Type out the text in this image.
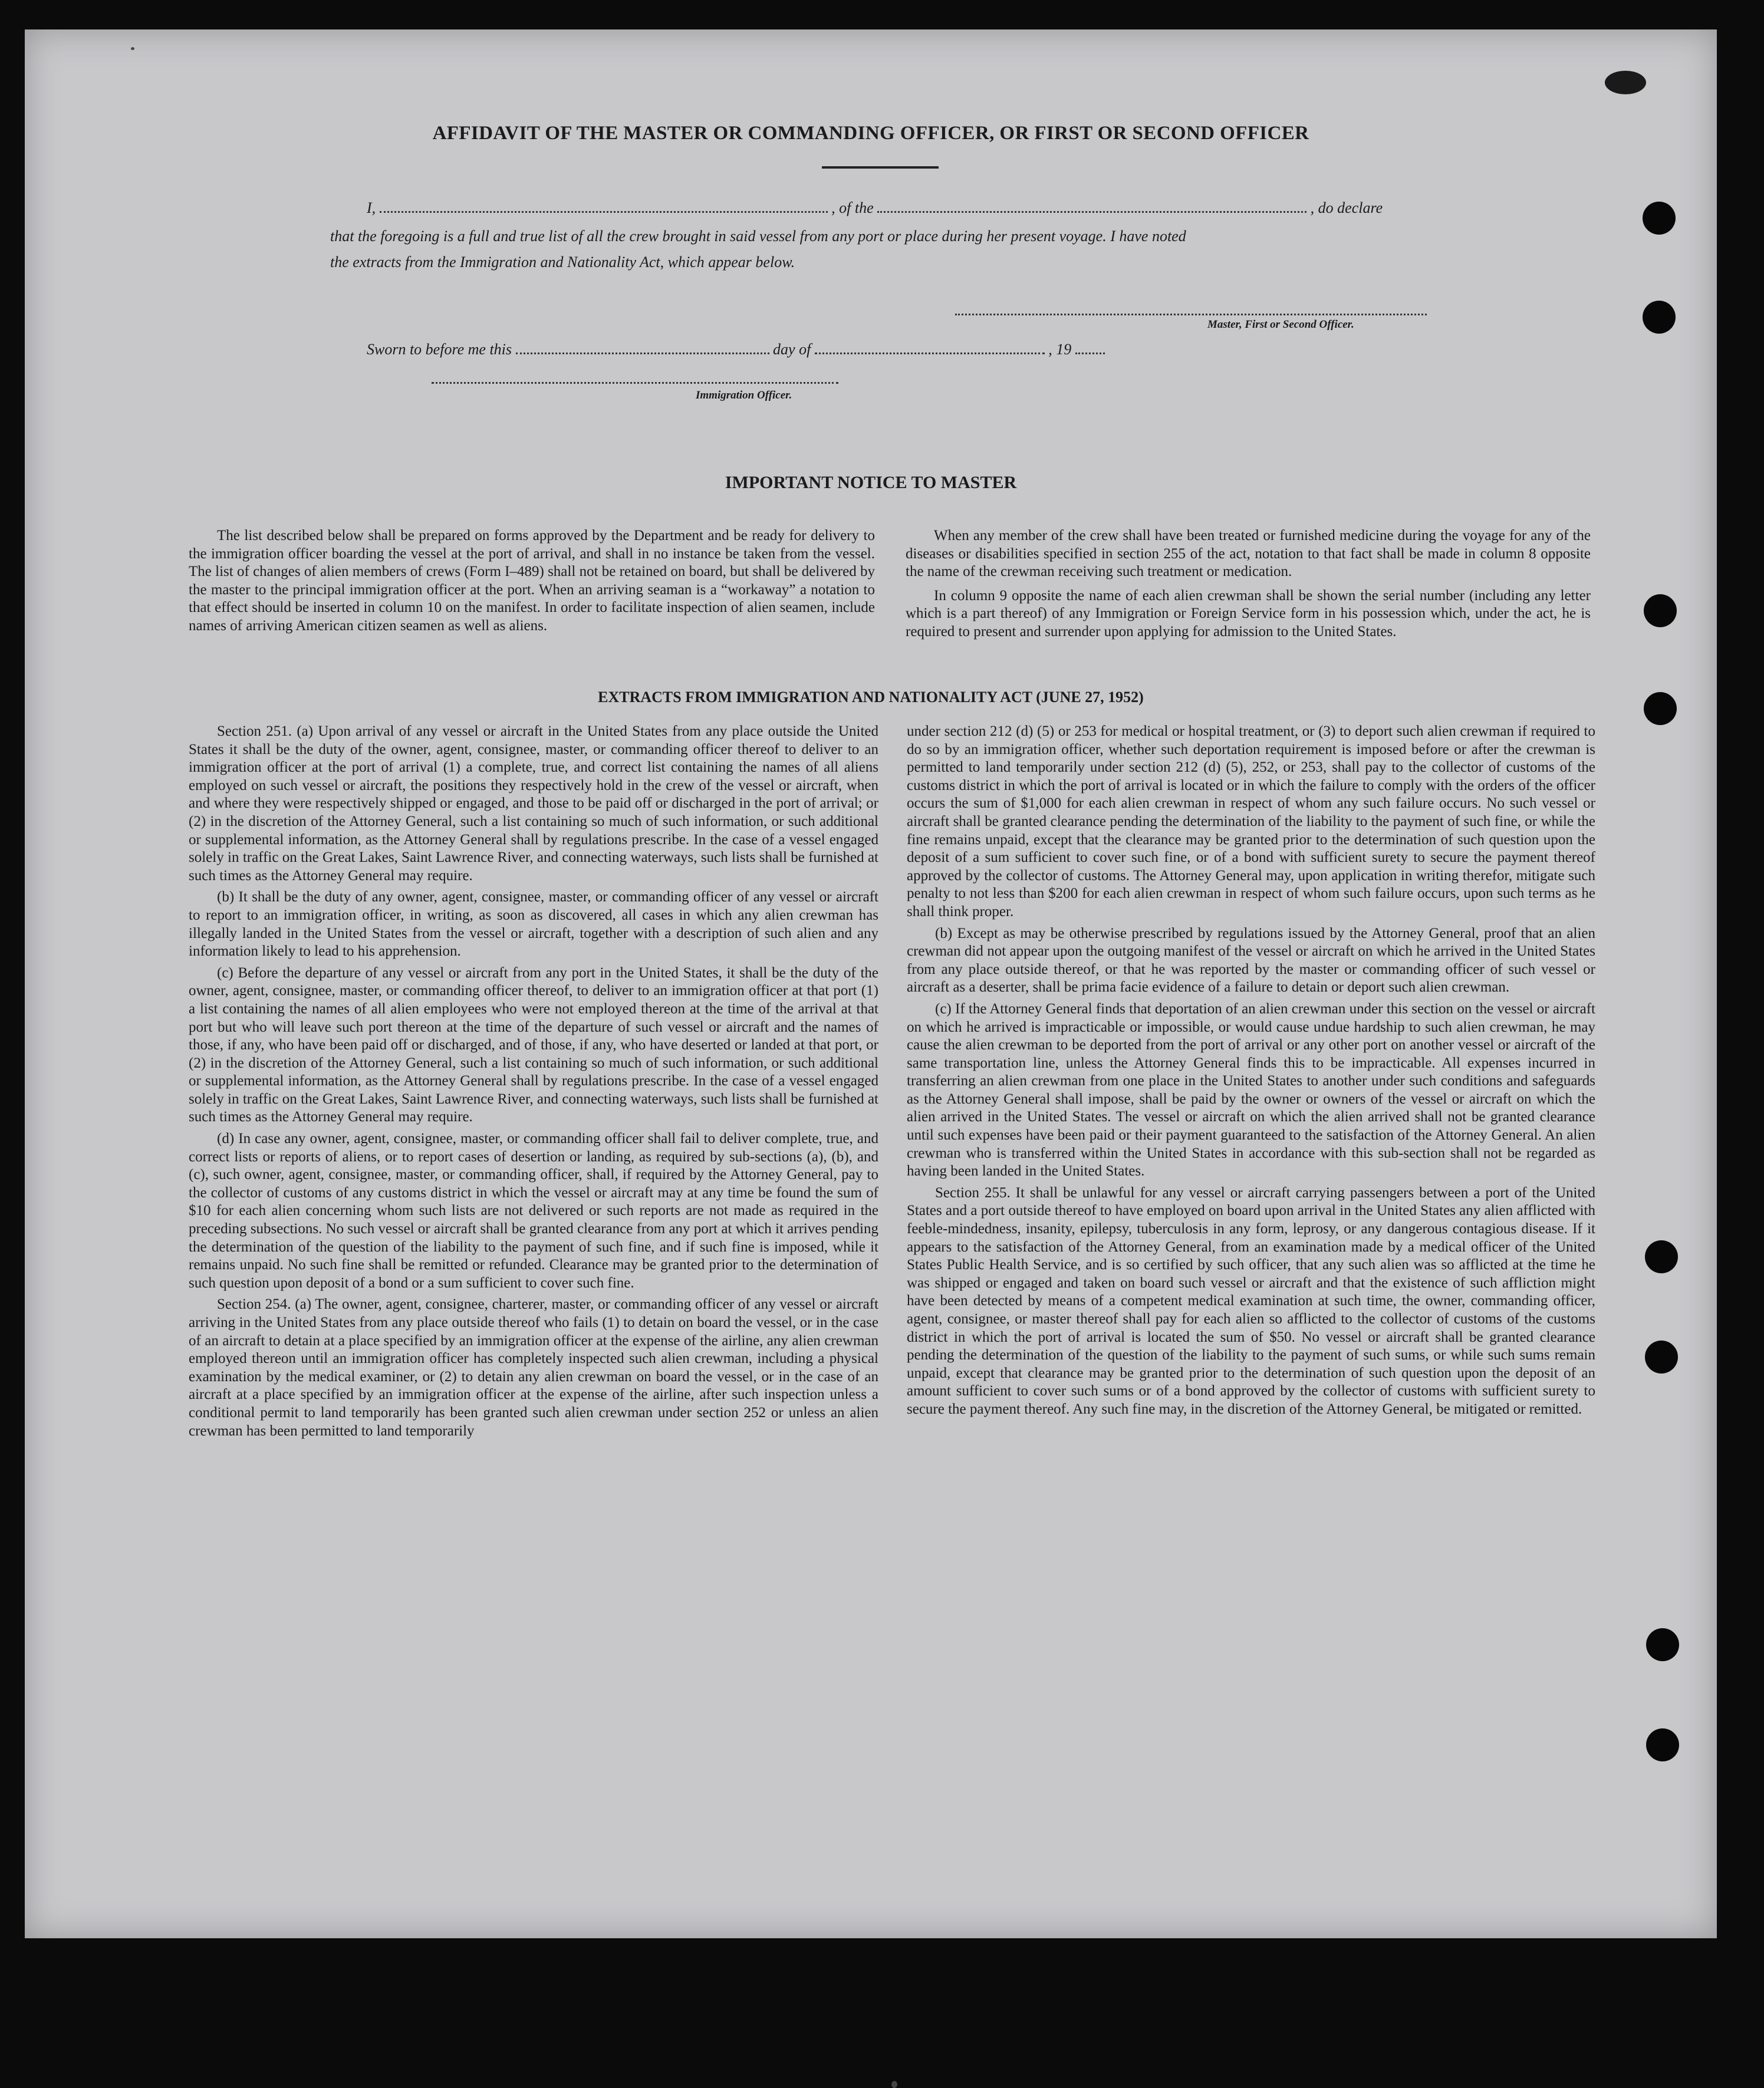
AFFIDAVIT OF THE MASTER OR COMMANDING OFFICER, OR FIRST OR SECOND OFFICER
I,	, of the	, do declare
that the foregoing is a full and true list of all the crew brought in said vessel from any port or place during her present voyage. I have noted
the extracts from the Immigration and Nationality Act, which appear below.
Master, First or Second Officer.
Sworn to before me this	day of	, 19
Immigration Officer.
IMPORTANT NOTICE TO MASTER

The list described below shall be prepared on forms approved by the Department and be ready for delivery to the immigration officer boarding the vessel at the port of arrival, and shall in no instance be taken from the vessel. The list of changes of alien members of crews (Form I–489) shall not be retained on board, but shall be delivered by the master to the principal immigration officer at the port. When an arriving seaman is a “workaway” a notation to that effect should be inserted in column 10 on the manifest. In order to facilitate inspection of alien seamen, include names of arriving American citizen seamen as well as aliens.

When any member of the crew shall have been treated or furnished medicine during the voyage for any of the diseases or disabilities specified in section 255 of the act, notation to that fact shall be made in column 8 opposite the name of the crewman receiving such treatment or medication.

In column 9 opposite the name of each alien crewman shall be shown the serial number (including any letter which is a part thereof) of any Immigration or Foreign Service form in his possession which, under the act, he is required to present and surrender upon applying for admission to the United States.

EXTRACTS FROM IMMIGRATION AND NATIONALITY ACT (JUNE 27, 1952)

Section 251. (a) Upon arrival of any vessel or aircraft in the United States from any place outside the United States it shall be the duty of the owner, agent, consignee, master, or commanding officer thereof to deliver to an immigration officer at the port of arrival (1) a complete, true, and correct list containing the names of all aliens employed on such vessel or aircraft, the positions they respectively hold in the crew of the vessel or aircraft, when and where they were respectively shipped or engaged, and those to be paid off or discharged in the port of arrival; or (2) in the discretion of the Attorney General, such a list containing so much of such information, or such additional or supplemental information, as the Attorney General shall by regulations prescribe. In the case of a vessel engaged solely in traffic on the Great Lakes, Saint Lawrence River, and connecting waterways, such lists shall be furnished at such times as the Attorney General may require.

(b) It shall be the duty of any owner, agent, consignee, master, or commanding officer of any vessel or aircraft to report to an immigration officer, in writing, as soon as discovered, all cases in which any alien crewman has illegally landed in the United States from the vessel or aircraft, together with a description of such alien and any information likely to lead to his apprehension.

(c) Before the departure of any vessel or aircraft from any port in the United States, it shall be the duty of the owner, agent, consignee, master, or commanding officer thereof, to deliver to an immigration officer at that port (1) a list containing the names of all alien employees who were not employed thereon at the time of the arrival at that port but who will leave such port thereon at the time of the departure of such vessel or aircraft and the names of those, if any, who have been paid off or discharged, and of those, if any, who have deserted or landed at that port, or (2) in the discretion of the Attorney General, such a list containing so much of such information, or such additional or supplemental information, as the Attorney General shall by regulations prescribe. In the case of a vessel engaged solely in traffic on the Great Lakes, Saint Lawrence River, and connecting waterways, such lists shall be furnished at such times as the Attorney General may require.

(d) In case any owner, agent, consignee, master, or commanding officer shall fail to deliver complete, true, and correct lists or reports of aliens, or to report cases of desertion or landing, as required by sub-sections (a), (b), and (c), such owner, agent, consignee, master, or commanding officer, shall, if required by the Attorney General, pay to the collector of customs of any customs district in which the vessel or aircraft may at any time be found the sum of $10 for each alien concerning whom such lists are not delivered or such reports are not made as required in the preceding subsections. No such vessel or aircraft shall be granted clearance from any port at which it arrives pending the determination of the question of the liability to the payment of such fine, and if such fine is imposed, while it remains unpaid. No such fine shall be remitted or refunded. Clearance may be granted prior to the determination of such question upon deposit of a bond or a sum sufficient to cover such fine.

Section 254. (a) The owner, agent, consignee, charterer, master, or commanding officer of any vessel or aircraft arriving in the United States from any place outside thereof who fails (1) to detain on board the vessel, or in the case of an aircraft to detain at a place specified by an immigration officer at the expense of the airline, any alien crewman employed thereon until an immigration officer has completely inspected such alien crewman, including a physical examination by the medical examiner, or (2) to detain any alien crewman on board the vessel, or in the case of an aircraft at a place specified by an immigration officer at the expense of the airline, after such inspection unless a conditional permit to land temporarily has been granted such alien crewman under section 252 or unless an alien crewman has been permitted to land temporarily

under section 212 (d) (5) or 253 for medical or hospital treatment, or (3) to deport such alien crewman if required to do so by an immigration officer, whether such deportation requirement is imposed before or after the crewman is permitted to land temporarily under section 212 (d) (5), 252, or 253, shall pay to the collector of customs of the customs district in which the port of arrival is located or in which the failure to comply with the orders of the officer occurs the sum of $1,000 for each alien crewman in respect of whom any such failure occurs. No such vessel or aircraft shall be granted clearance pending the determination of the liability to the payment of such fine, or while the fine remains unpaid, except that the clearance may be granted prior to the determination of such question upon the deposit of a sum sufficient to cover such fine, or of a bond with sufficient surety to secure the payment thereof approved by the collector of customs. The Attorney General may, upon application in writing therefor, mitigate such penalty to not less than $200 for each alien crewman in respect of whom such failure occurs, upon such terms as he shall think proper.

(b) Except as may be otherwise prescribed by regulations issued by the Attorney General, proof that an alien crewman did not appear upon the outgoing manifest of the vessel or aircraft on which he arrived in the United States from any place outside thereof, or that he was reported by the master or commanding officer of such vessel or aircraft as a deserter, shall be prima facie evidence of a failure to detain or deport such alien crewman.

(c) If the Attorney General finds that deportation of an alien crewman under this section on the vessel or aircraft on which he arrived is impracticable or impossible, or would cause undue hardship to such alien crewman, he may cause the alien crewman to be deported from the port of arrival or any other port on another vessel or aircraft of the same transportation line, unless the Attorney General finds this to be impracticable. All expenses incurred in transferring an alien crewman from one place in the United States to another under such conditions and safeguards as the Attorney General shall impose, shall be paid by the owner or owners of the vessel or aircraft on which the alien arrived in the United States. The vessel or aircraft on which the alien arrived shall not be granted clearance until such expenses have been paid or their payment guaranteed to the satisfaction of the Attorney General. An alien crewman who is transferred within the United States in accordance with this sub-section shall not be regarded as having been landed in the United States.

Section 255. It shall be unlawful for any vessel or aircraft carrying passengers between a port of the United States and a port outside thereof to have employed on board upon arrival in the United States any alien afflicted with feeble-mindedness, insanity, epilepsy, tuberculosis in any form, leprosy, or any dangerous contagious disease. If it appears to the satisfaction of the Attorney General, from an examination made by a medical officer of the United States Public Health Service, and is so certified by such officer, that any such alien was so afflicted at the time he was shipped or engaged and taken on board such vessel or aircraft and that the existence of such affliction might have been detected by means of a competent medical examination at such time, the owner, commanding officer, agent, consignee, or master thereof shall pay for each alien so afflicted to the collector of customs of the customs district in which the port of arrival is located the sum of $50. No vessel or aircraft shall be granted clearance pending the determination of the question of the liability to the payment of such sums, or while such sums remain unpaid, except that clearance may be granted prior to the determination of such question upon the deposit of an amount sufficient to cover such sums or of a bond approved by the collector of customs with sufficient surety to secure the payment thereof. Any such fine may, in the discretion of the Attorney General, be mitigated or remitted.
